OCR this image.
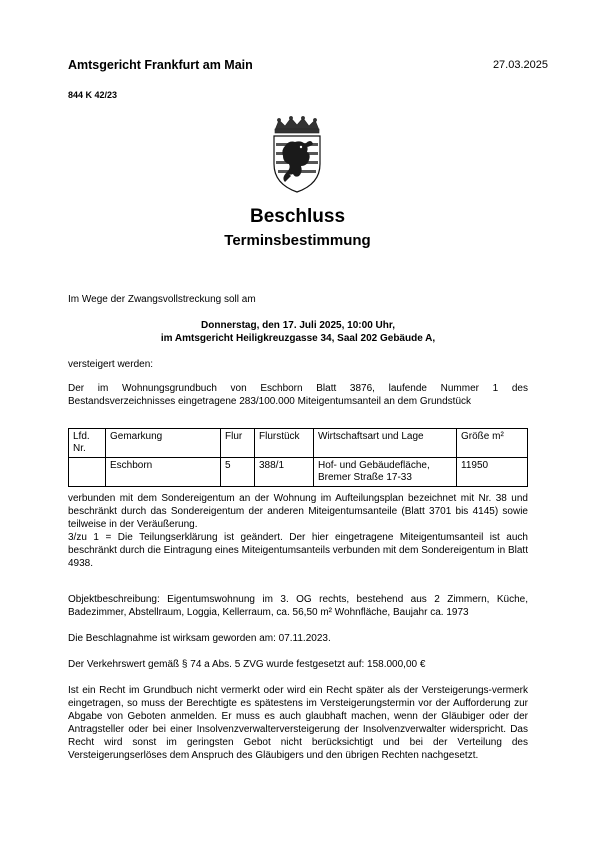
Amtsgericht Frankfurt am Main	27.03.2025
844 K 42/23
Beschluss
Terminsbestimmung
Im Wege der Zwangsvollstreckung soll am
Donnerstag, den 17. Juli 2025, 10:00 Uhr,
im Amtsgericht Heiligkreuzgasse 34, Saal 202 Gebäude A,
versteigert werden:
Der im Wohnungsgrundbuch von Eschborn Blatt 3876, laufende Nummer 1 des Bestandsverzeichnisses eingetragene 283/100.000 Miteigentumsanteil an dem Grundstück
Lfd. Nr.	Gemarkung	Flur	Flurstück	Wirtschaftsart und Lage	Größe m²
	Eschborn	5	388/1	Hof- und Gebäudefläche, Bremer Straße 17-33	11950
verbunden mit dem Sondereigentum an der Wohnung im Aufteilungsplan bezeichnet mit Nr. 38 und beschränkt durch das Sondereigentum der anderen Miteigentumsanteile (Blatt 3701 bis 4145) sowie teilweise in der Veräußerung.
3/zu 1 = Die Teilungserklärung ist geändert. Der hier eingetragene Miteigentumsanteil ist auch beschränkt durch die Eintragung eines Miteigentumsanteils verbunden mit dem Sondereigentum in Blatt 4938.
Objektbeschreibung: Eigentumswohnung im 3. OG rechts, bestehend aus 2 Zimmern, Küche, Badezimmer, Abstellraum, Loggia, Kellerraum, ca. 56,50 m² Wohnfläche, Baujahr ca. 1973
Die Beschlagnahme ist wirksam geworden am: 07.11.2023.
Der Verkehrswert gemäß § 74 a Abs. 5 ZVG wurde festgesetzt auf: 158.000,00 €
Ist ein Recht im Grundbuch nicht vermerkt oder wird ein Recht später als der Versteigerungs-vermerk eingetragen, so muss der Berechtigte es spätestens im Versteigerungstermin vor der Aufforderung zur Abgabe von Geboten anmelden. Er muss es auch glaubhaft machen, wenn der Gläubiger oder der Antragsteller oder bei einer Insolvenzverwalterversteigerung der Insolvenzverwalter widerspricht. Das Recht wird sonst im geringsten Gebot nicht berücksichtigt und bei der Verteilung des Versteigerungserlöses dem Anspruch des Gläubigers und den übrigen Rechten nachgesetzt.
